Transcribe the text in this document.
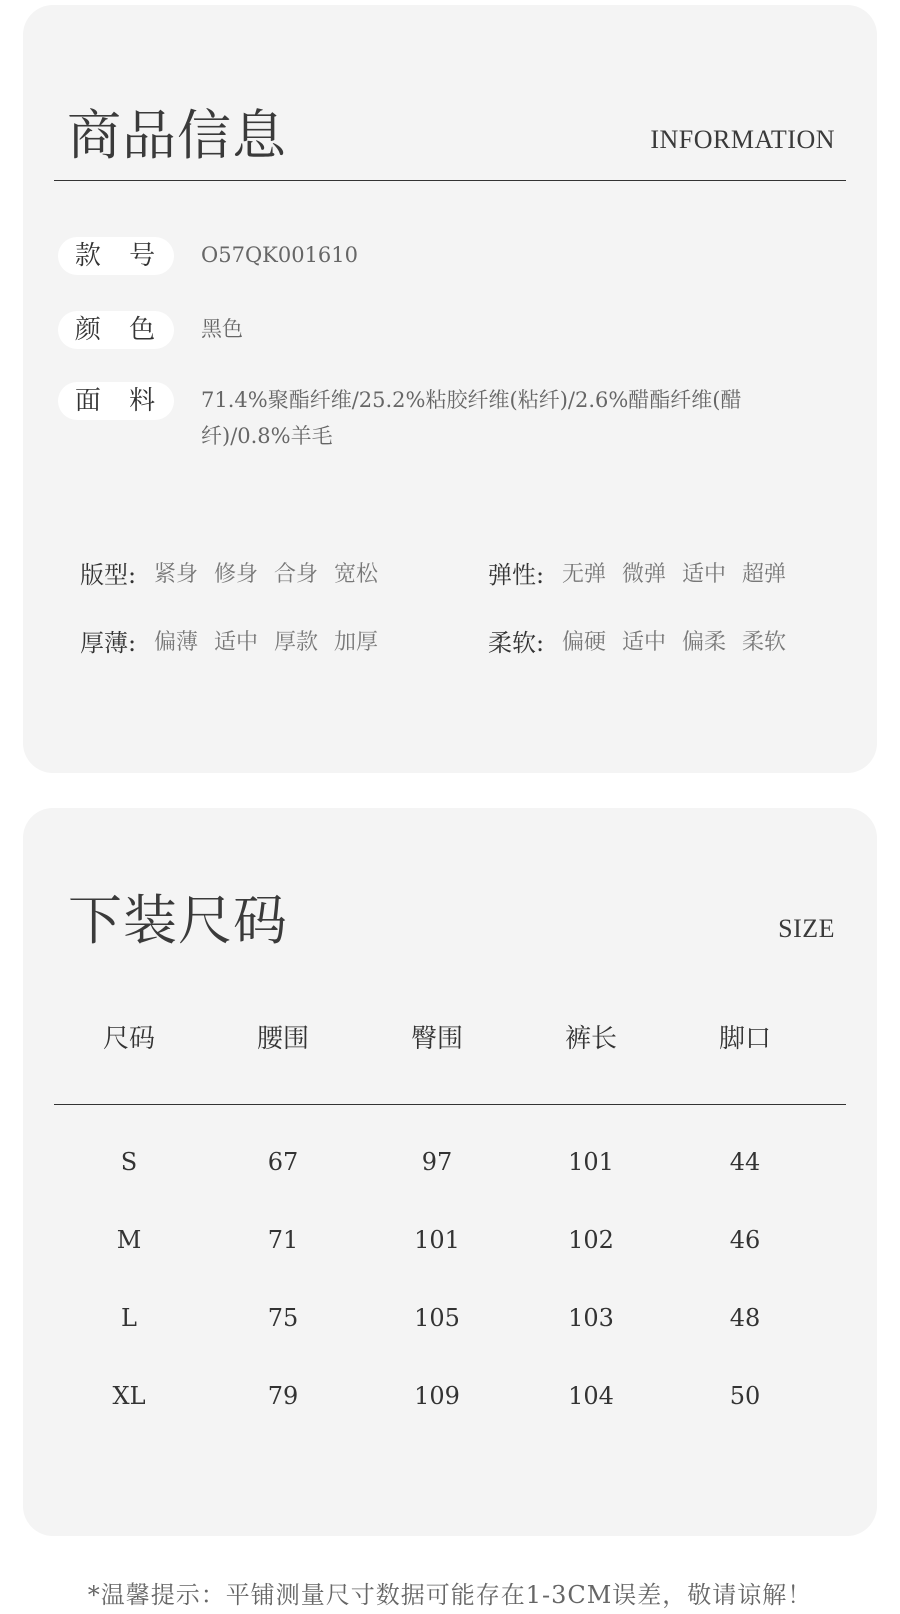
商品信息	INFORMATION
款 号	O57QK001610
颜 色	黑色
面 料	71.4%聚酯纤维/25.2%粘胶纤维(粘纤)/2.6%醋酯纤维(醋
纤)/0.8%羊毛
版型: 紧身 修身 合身 宽松	弹性: 无弹 微弹 适中 超弹
厚薄: 偏薄 适中 厚款 加厚	柔软: 偏硬 适中 偏柔 柔软
下装尺码	SIZE
尺码	腰围	臀围	裤长	脚口
S	67	97	101	44
M	71	101	102	46
L	75	105	103	48
XL	79	109	104	50
*温馨提示：平铺测量尺寸数据可能存在1-3CM误差，敬请谅解！
